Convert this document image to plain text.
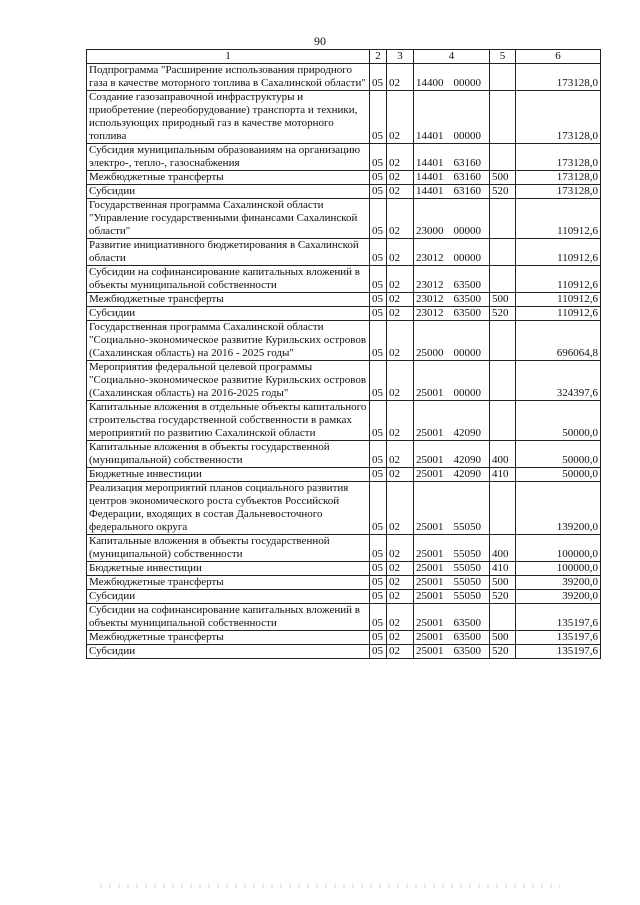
90
1	2	3	4	5	6
Подпрограмма "Расширение использования природного газа в качестве моторного топлива в Сахалинской области"	05	02	14400 00000		173128,0
Создание газозаправочной инфраструктуры и приобретение (переоборудование) транспорта и техники, использующих природный газ в качестве моторного топлива	05	02	14401 00000		173128,0
Субсидия муниципальным образованиям на организацию электро-, тепло-, газоснабжения	05	02	14401 63160		173128,0
Межбюджетные трансферты	05	02	14401 63160	500	173128,0
Субсидии	05	02	14401 63160	520	173128,0
Государственная программа Сахалинской области "Управление государственными финансами Сахалинской области"	05	02	23000 00000		110912,6
Развитие инициативного бюджетирования в Сахалинской области	05	02	23012 00000		110912,6
Субсидии на софинансирование капитальных вложений в объекты муниципальной собственности	05	02	23012 63500		110912,6
Межбюджетные трансферты	05	02	23012 63500	500	110912,6
Субсидии	05	02	23012 63500	520	110912,6
Государственная программа Сахалинской области "Социально-экономическое развитие Курильских островов (Сахалинская область) на 2016 - 2025 годы"	05	02	25000 00000		696064,8
Мероприятия федеральной целевой программы "Социально-экономическое развитие Курильских островов (Сахалинская область) на 2016-2025 годы"	05	02	25001 00000		324397,6
Капитальные вложения в отдельные объекты капитального строительства государственной собственности в рамках мероприятий по развитию Сахалинской области	05	02	25001 42090		50000,0
Капитальные вложения в объекты государственной (муниципальной) собственности	05	02	25001 42090	400	50000,0
Бюджетные инвестиции	05	02	25001 42090	410	50000,0
Реализация мероприятий планов социального развития центров экономического роста субъектов Российской Федерации, входящих в состав Дальневосточного федерального округа	05	02	25001 55050		139200,0
Капитальные вложения в объекты государственной (муниципальной) собственности	05	02	25001 55050	400	100000,0
Бюджетные инвестиции	05	02	25001 55050	410	100000,0
Межбюджетные трансферты	05	02	25001 55050	500	39200,0
Субсидии	05	02	25001 55050	520	39200,0
Субсидии на софинансирование капитальных вложений в объекты муниципальной собственности	05	02	25001 63500		135197,6
Межбюджетные трансферты	05	02	25001 63500	500	135197,6
Субсидии	05	02	25001 63500	520	135197,6
